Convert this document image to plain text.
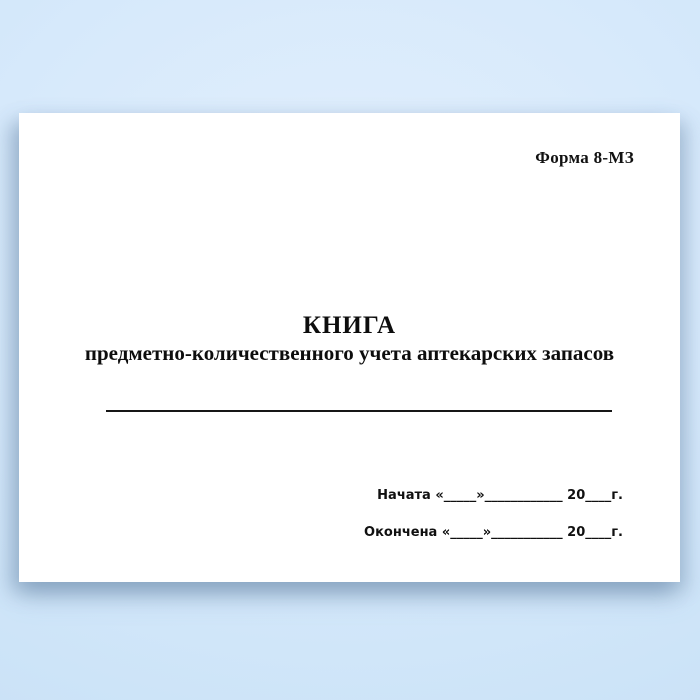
Форма 8-МЗ
КНИГА
предметно-количественного учета аптекарских запасов
Начата «_____»____________ 20____г.
Окончена «_____»___________ 20____г.
